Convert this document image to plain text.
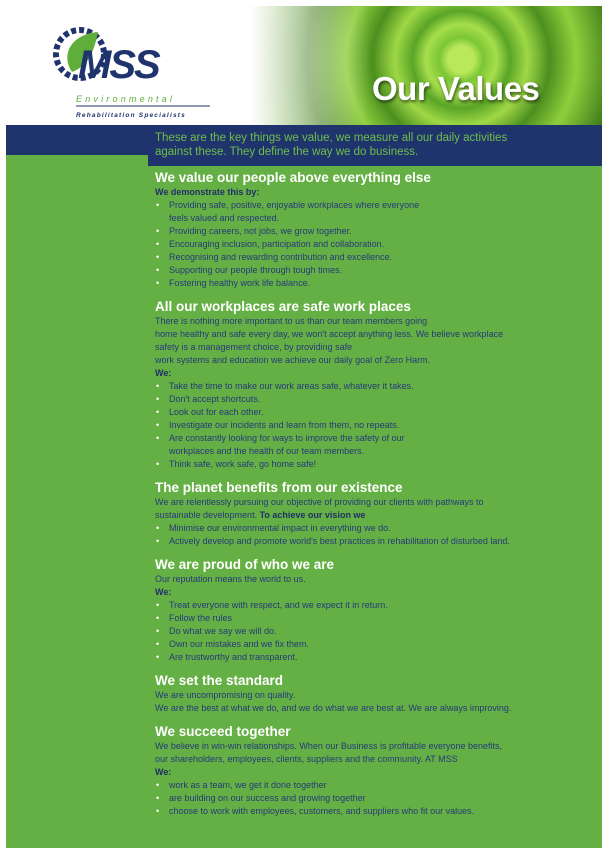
Our Values
MSS
Environmental
Rehabilitation Specialists
These are the key things we value, we measure all our daily activities
against these. They define the way we do business.
We value our people above everything else
We demonstrate this by:
• Providing safe, positive, enjoyable workplaces where everyone
feels valued and respected.
• Providing careers, not jobs, we grow together.
• Encouraging inclusion, participation and collaboration.
• Recognising and rewarding contribution and excellence.
• Supporting our people through tough times.
• Fostering healthy work life balance.
All our workplaces are safe work places
There is nothing more important to us than our team members going
home healthy and safe every day, we won't accept anything less. We believe workplace
safety is a management choice, by providing safe
work systems and education we achieve our daily goal of Zero Harm.
We:
• Take the time to make our work areas safe, whatever it takes.
• Don't accept shortcuts.
• Look out for each other.
• Investigate our incidents and learn from them, no repeats.
• Are constantly looking for ways to improve the safety of our
workplaces and the health of our team members.
• Think safe, work safe, go home safe!
The planet benefits from our existence
We are relentlessly pursuing our objective of providing our clients with pathways to
sustainable development. To achieve our vision we
• Minimise our environmental impact in everything we do.
• Actively develop and promote world's best practices in rehabilitation of disturbed land.
We are proud of who we are
Our reputation means the world to us.
We:
• Treat everyone with respect, and we expect it in return.
• Follow the rules
• Do what we say we will do.
• Own our mistakes and we fix them.
• Are trustworthy and transparent.
We set the standard
We are uncompromising on quality.
We are the best at what we do, and we do what we are best at. We are always improving.
We succeed together
We believe in win-win relationships. When our Business is profitable everyone benefits,
our shareholders, employees, clients, suppliers and the community. AT MSS
We:
• work as a team, we get it done together
• are building on our success and growing together
• choose to work with employees, customers, and suppliers who fit our values.
